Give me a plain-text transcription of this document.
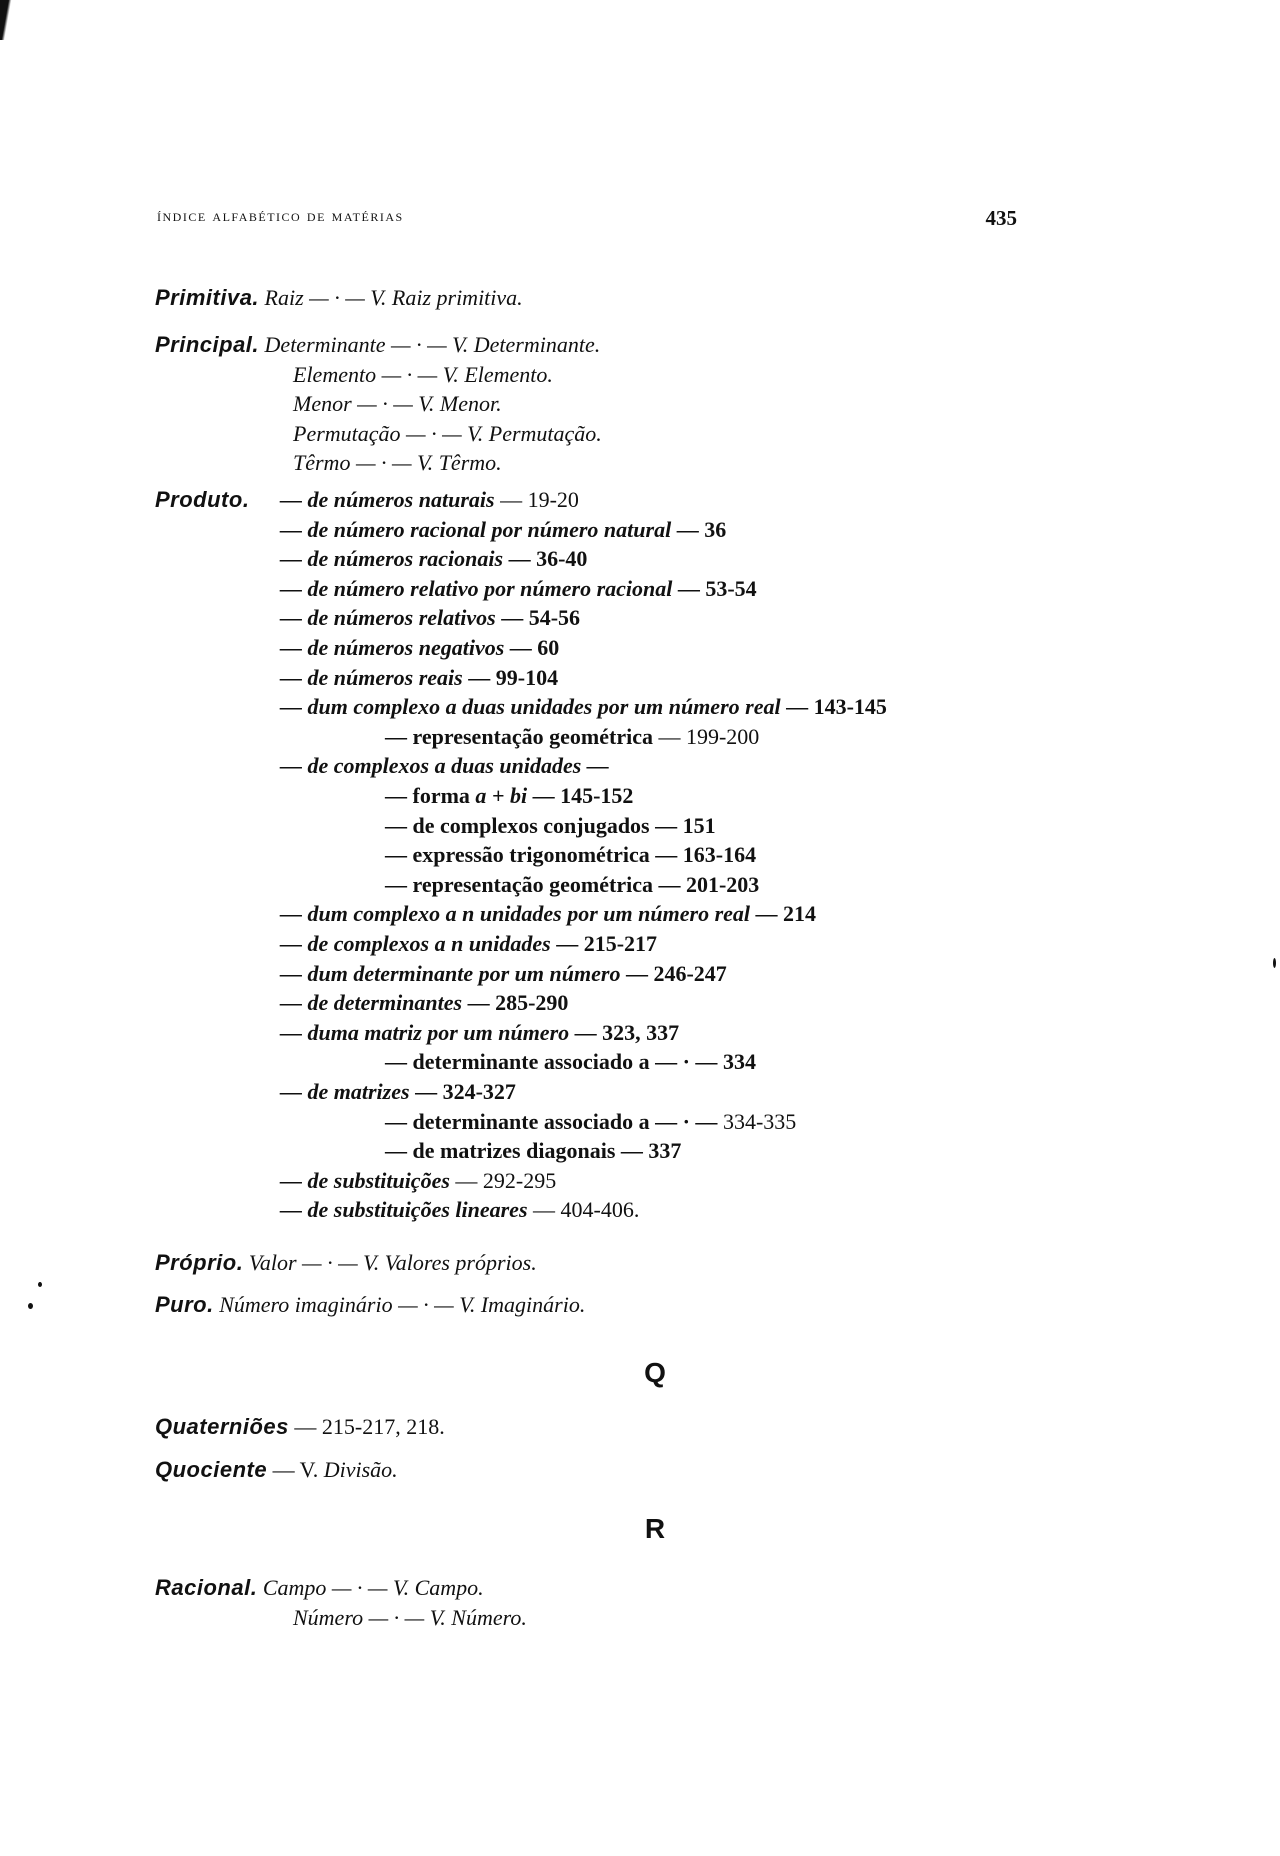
índice alfabético de matérias	435
Primitiva. Raiz — · — V. Raiz primitiva.
Principal. Determinante — · — V. Determinante.
Elemento — · — V. Elemento.
Menor — · — V. Menor.
Permutação — · — V. Permutação.
Têrmo — · — V. Têrmo.
Produto. — de números naturais — 19-20
— de número racional por número natural — 36
— de números racionais — 36-40
— de número relativo por número racional — 53-54
— de números relativos — 54-56
— de números negativos — 60
— de números reais — 99-104
— dum complexo a duas unidades por um número real — 143-145
— representação geométrica — 199-200
— de complexos a duas unidades —
— forma a + bi — 145-152
— de complexos conjugados — 151
— expressão trigonométrica — 163-164
— representação geométrica — 201-203
— dum complexo a n unidades por um número real — 214
— de complexos a n unidades — 215-217
— dum determinante por um número — 246-247
— de determinantes — 285-290
— duma matriz por um número — 323, 337
— determinante associado a — · — 334
— de matrizes — 324-327
— determinante associado a — · — 334-335
— de matrizes diagonais — 337
— de substituições — 292-295
— de substituições lineares — 404-406.
Próprio. Valor — · — V. Valores próprios.
Puro. Número imaginário — · — V. Imaginário.
Q
Quaterniões — 215-217, 218.
Quociente — V. Divisão.
R
Racional. Campo — · — V. Campo.
Número — · — V. Número.
